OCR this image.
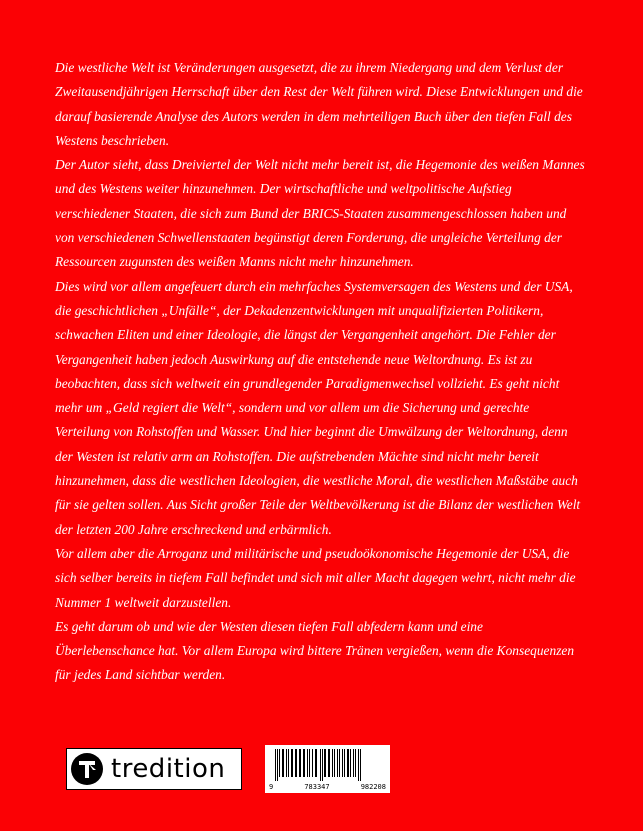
Die westliche Welt ist Veränderungen ausgesetzt, die zu ihrem Niedergang und dem Verlust der Zweitausendjährigen Herrschaft über den Rest der Welt führen wird. Diese Entwicklungen und die darauf basierende Analyse des Autors werden in dem mehrteiligen Buch über den tiefen Fall des Westens beschrieben.

Der Autor sieht, dass Dreiviertel der Welt nicht mehr bereit ist, die Hegemonie des weißen Mannes und des Westens weiter hinzunehmen. Der wirtschaftliche und weltpolitische Aufstieg verschiedener Staaten, die sich zum Bund der BRICS-Staaten zusammengeschlossen haben und von verschiedenen Schwellenstaaten begünstigt deren Forderung, die ungleiche Verteilung der Ressourcen zugunsten des weißen Manns nicht mehr hinzunehmen.

Dies wird vor allem angefeuert durch ein mehrfaches Systemversagen des Westens und der USA, die geschichtlichen „Unfälle“, der Dekadenzentwicklungen mit unqualifizierten Politikern, schwachen Eliten und einer Ideologie, die längst der Vergangenheit angehört. Die Fehler der Vergangenheit haben jedoch Auswirkung auf die entstehende neue Weltordnung. Es ist zu beobachten, dass sich weltweit ein grundlegender Paradigmenwechsel vollzieht. Es geht nicht mehr um „Geld regiert die Welt“, sondern und vor allem um die Sicherung und gerechte Verteilung von Rohstoffen und Wasser. Und hier beginnt die Umwälzung der Weltordnung, denn der Westen ist relativ arm an Rohstoffen. Die aufstrebenden Mächte sind nicht mehr bereit hinzunehmen, dass die westlichen Ideologien, die westliche Moral, die westlichen Maßstäbe auch für sie gelten sollen. Aus Sicht großer Teile der Weltbevölkerung ist die Bilanz der westlichen Welt der letzten 200 Jahre erschreckend und erbärmlich.

Vor allem aber die Arroganz und militärische und pseudoökonomische Hegemonie der USA, die sich selber bereits in tiefem Fall befindet und sich mit aller Macht dagegen wehrt, nicht mehr die Nummer 1 weltweit darzustellen.

Es geht darum ob und wie der Westen diesen tiefen Fall abfedern kann und eine Überlebenschance hat. Vor allem Europa wird bittere Tränen vergießen, wenn die Konsequenzen für jedes Land sichtbar werden.

tredition
9	783347	982208
